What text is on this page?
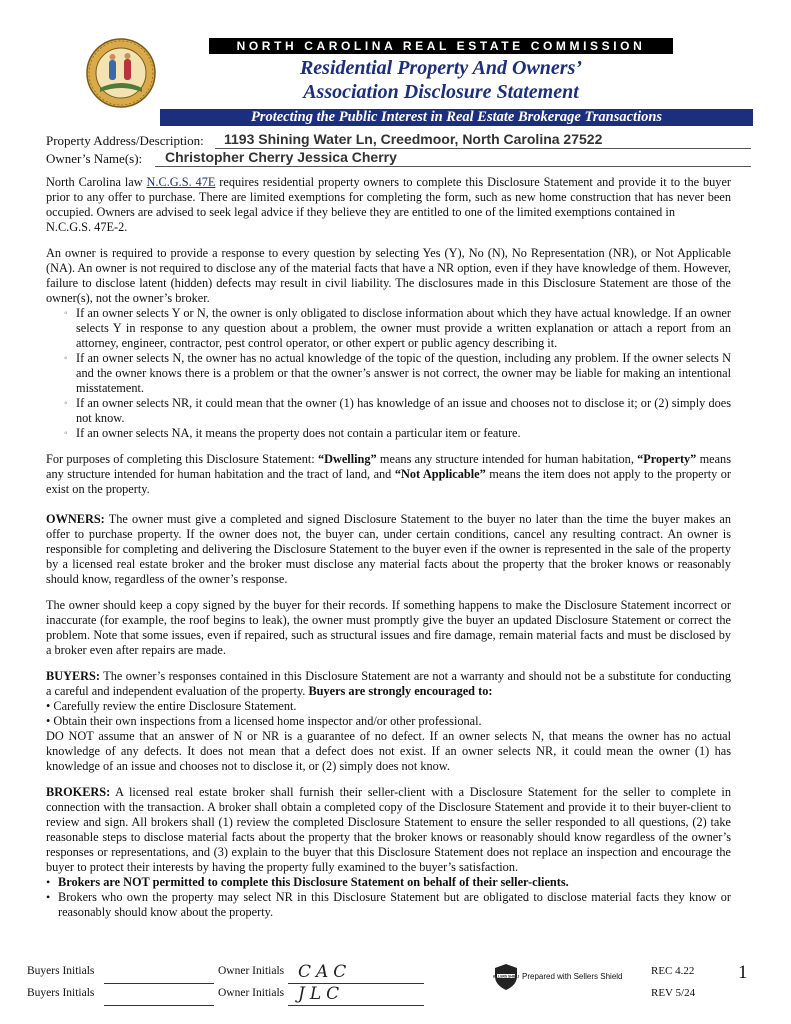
NORTH CAROLINA REAL ESTATE COMMISSION
Residential Property And Owners’
Association Disclosure Statement
Protecting the Public Interest in Real Estate Brokerage Transactions
Property Address/Description: 1193 Shining Water Ln, Creedmoor, North Carolina 27522
Owner’s Name(s): Christopher Cherry Jessica Cherry

North Carolina law N.C.G.S. 47E requires residential property owners to complete this Disclosure Statement and provide it to the buyer prior to any offer to purchase. There are limited exemptions for completing the form, such as new home construction that has never been occupied. Owners are advised to seek legal advice if they believe they are entitled to one of the limited exemptions contained in
N.C.G.S. 47E-2.

An owner is required to provide a response to every question by selecting Yes (Y), No (N), No Representation (NR), or Not Applicable (NA). An owner is not required to disclose any of the material facts that have a NR option, even if they have knowledge of them. However, failure to disclose latent (hidden) defects may result in civil liability. The disclosures made in this Disclosure Statement are those of the owner(s), not the owner’s broker.

◦ If an owner selects Y or N, the owner is only obligated to disclose information about which they have actual knowledge. If an owner selects Y in response to any question about a problem, the owner must provide a written explanation or attach a report from an attorney, engineer, contractor, pest control operator, or other expert or public agency describing it.
◦ If an owner selects N, the owner has no actual knowledge of the topic of the question, including any problem. If the owner selects N and the owner knows there is a problem or that the owner’s answer is not correct, the owner may be liable for making an intentional misstatement.
◦ If an owner selects NR, it could mean that the owner (1) has knowledge of an issue and chooses not to disclose it; or (2) simply does not know.
◦ If an owner selects NA, it means the property does not contain a particular item or feature.

For purposes of completing this Disclosure Statement: “Dwelling” means any structure intended for human habitation, “Property” means any structure intended for human habitation and the tract of land, and “Not Applicable” means the item does not apply to the property or exist on the property.

OWNERS: The owner must give a completed and signed Disclosure Statement to the buyer no later than the time the buyer makes an offer to purchase property. If the owner does not, the buyer can, under certain conditions, cancel any resulting contract. An owner is responsible for completing and delivering the Disclosure Statement to the buyer even if the owner is represented in the sale of the property by a licensed real estate broker and the broker must disclose any material facts about the property that the broker knows or reasonably should know, regardless of the owner’s response.

The owner should keep a copy signed by the buyer for their records. If something happens to make the Disclosure Statement incorrect or inaccurate (for example, the roof begins to leak), the owner must promptly give the buyer an updated Disclosure Statement or correct the problem. Note that some issues, even if repaired, such as structural issues and fire damage, remain material facts and must be disclosed by a broker even after repairs are made.

BUYERS: The owner’s responses contained in this Disclosure Statement are not a warranty and should not be a substitute for conducting a careful and independent evaluation of the property. Buyers are strongly encouraged to:

• Carefully review the entire Disclosure Statement.
• Obtain their own inspections from a licensed home inspector and/or other professional.

DO NOT assume that an answer of N or NR is a guarantee of no defect. If an owner selects N, that means the owner has no actual knowledge of any defects. It does not mean that a defect does not exist. If an owner selects NR, it could mean the owner (1) has knowledge of an issue and chooses not to disclose it, or (2) simply does not know.

BROKERS: A licensed real estate broker shall furnish their seller-client with a Disclosure Statement for the seller to complete in connection with the transaction. A broker shall obtain a completed copy of the Disclosure Statement and provide it to their buyer-client to review and sign. All brokers shall (1) review the completed Disclosure Statement to ensure the seller responded to all questions, (2) take reasonable steps to disclose material facts about the property that the broker knows or reasonably should know regardless of the owner’s responses or representations, and (3) explain to the buyer that this Disclosure Statement does not replace an inspection and encourage the buyer to protect their interests by having the property fully examined to the buyer’s satisfaction.

• Brokers are NOT permitted to complete this Disclosure Statement on behalf of their seller-clients.
• Brokers who own the property may select NR in this Disclosure Statement but are obligated to disclose material facts they know or reasonably should know about the property.
Buyers Initials	Owner Initials CAC
Buyers Initials	Owner Initials JLC
SELLERS SHIELD Prepared with Sellers Shield	REC 4.22
REV 5/24
1
